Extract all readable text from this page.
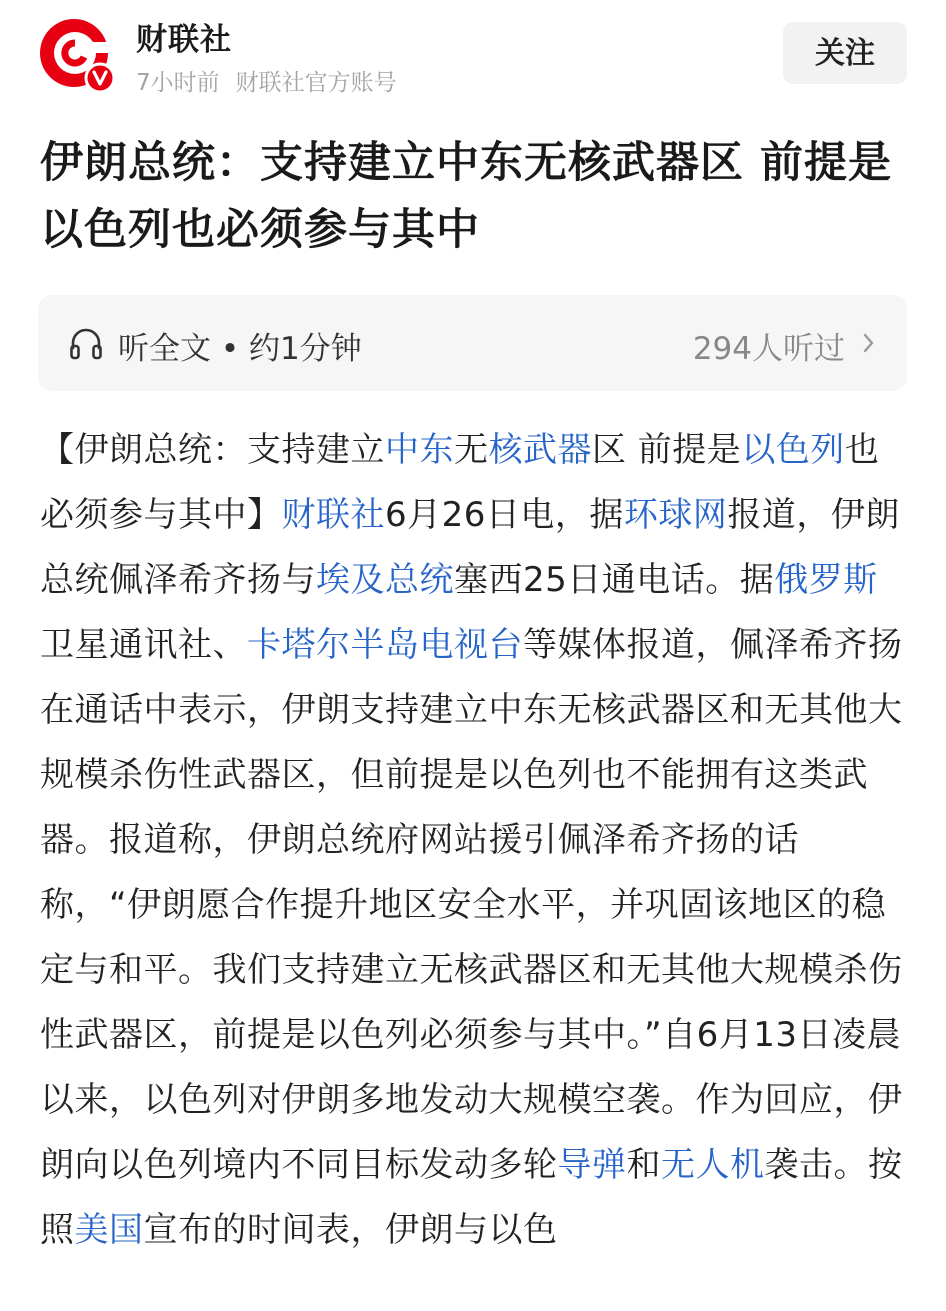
财联社
7小时前 财联社官方账号
关注
伊朗总统：支持建立中东无核武器区 前提是以色列也必须参与其中
听全文 • 约1分钟	294人听过

【伊朗总统：支持建立中东无核武器区 前提是以色列也必须参与其中】财联社6月26日电，据环球网报道，伊朗总统佩泽希齐扬与埃及总统塞西25日通电话。据俄罗斯卫星通讯社、卡塔尔半岛电视台等媒体报道，佩泽希齐扬在通话中表示，伊朗支持建立中东无核武器区和无其他大规模杀伤性武器区，但前提是以色列也不能拥有这类武器。报道称，伊朗总统府网站援引佩泽希齐扬的话称，“伊朗愿合作提升地区安全水平，并巩固该地区的稳定与和平。我们支持建立无核武器区和无其他大规模杀伤性武器区，前提是以色列必须参与其中。”自6月13日凌晨以来，以色列对伊朗多地发动大规模空袭。作为回应，伊朗向以色列境内不同目标发动多轮导弹和无人机袭击。按照美国宣布的时间表，伊朗与以色
